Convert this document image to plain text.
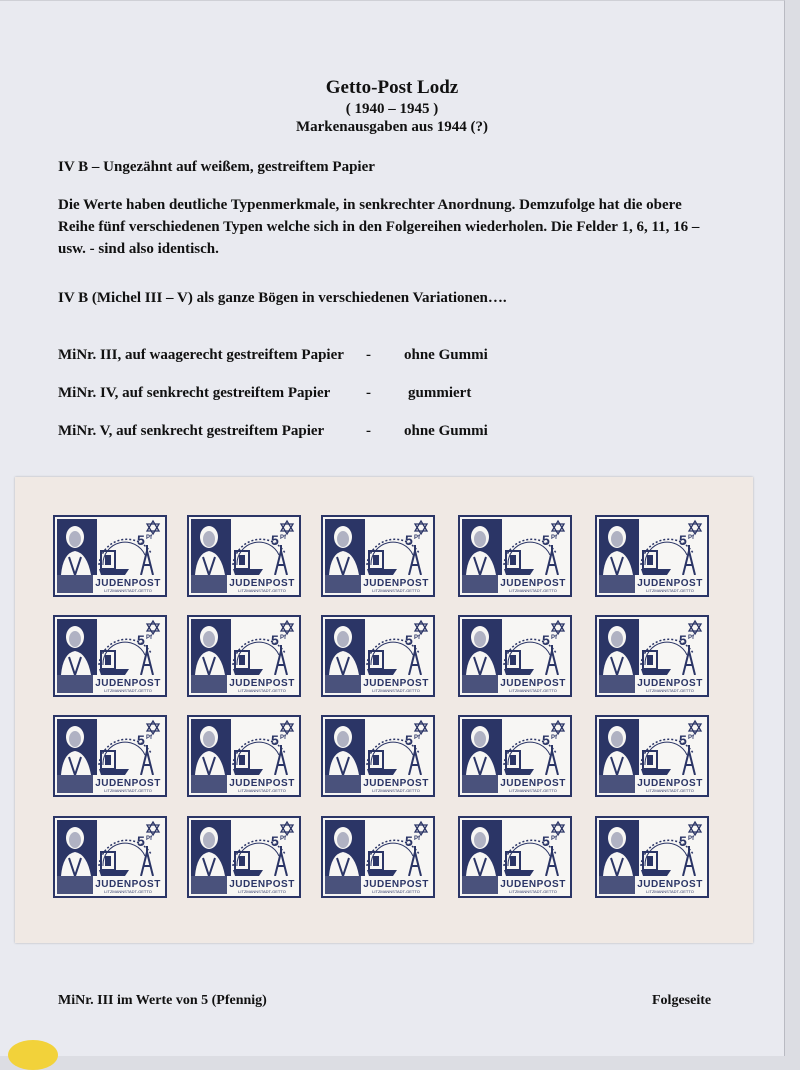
Getto-Post Lodz
( 1940 – 1945 )
Markenausgaben aus 1944 (?)
IV B – Ungezähnt auf weißem, gestreiftem Papier
Die Werte haben deutliche Typenmerkmale, in senkrechter Anordnung. Demzufolge hat die obere Reihe fünf verschiedenen Typen welche sich in den Folgereihen wiederholen. Die Felder 1, 6, 11, 16 – usw. - sind also identisch.
IV B (Michel III – V) als ganze Bögen in verschiedenen Variationen….
MiNr. III, auf waagerecht gestreiftem Papier - ohne Gummi
MiNr. IV, auf senkrecht gestreiftem Papier - gummiert
MiNr. V, auf senkrecht gestreiftem Papier	- ohne Gummi
5 Pf
JUDENPOST
LITZMANNSTADT-GETTO
5 Pf
JUDENPOST
LITZMANNSTADT-GETTO
5 Pf
JUDENPOST
LITZMANNSTADT-GETTO
5 Pf
JUDENPOST
LITZMANNSTADT-GETTO
5 Pf
JUDENPOST
LITZMANNSTADT-GETTO
5 Pf
JUDENPOST
LITZMANNSTADT-GETTO
5 Pf
JUDENPOST
LITZMANNSTADT-GETTO
5 Pf
JUDENPOST
LITZMANNSTADT-GETTO
5 Pf
JUDENPOST
LITZMANNSTADT-GETTO
5 Pf
JUDENPOST
LITZMANNSTADT-GETTO
5 Pf
JUDENPOST
LITZMANNSTADT-GETTO
5 Pf
JUDENPOST
LITZMANNSTADT-GETTO
5 Pf
JUDENPOST
LITZMANNSTADT-GETTO
5 Pf
JUDENPOST
LITZMANNSTADT-GETTO
5 Pf
JUDENPOST
LITZMANNSTADT-GETTO
5 Pf
JUDENPOST
LITZMANNSTADT-GETTO
5 Pf
JUDENPOST
LITZMANNSTADT-GETTO
5 Pf
JUDENPOST
LITZMANNSTADT-GETTO
5 Pf
JUDENPOST
LITZMANNSTADT-GETTO
5 Pf
JUDENPOST
LITZMANNSTADT-GETTO
MiNr. III im Werte von 5 (Pfennig)	Folgeseite
